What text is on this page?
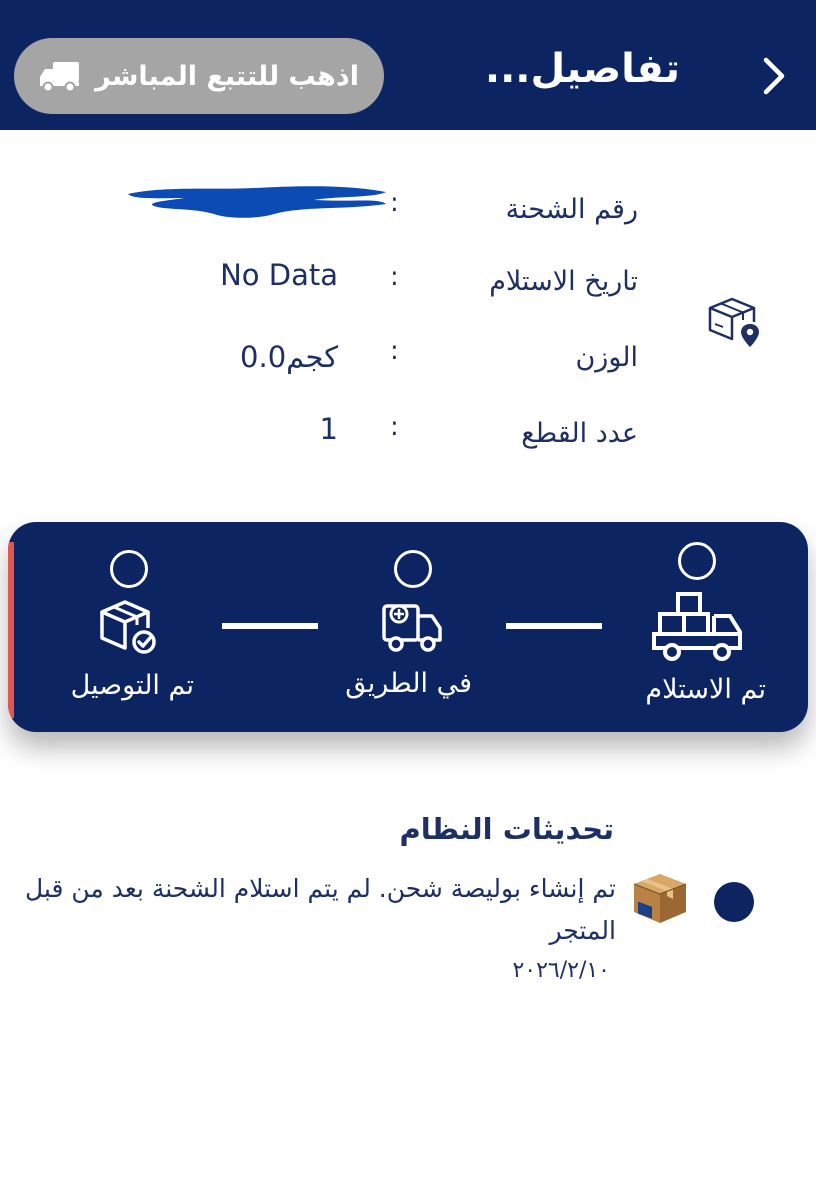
تفاصيل...
اذهب للتتبع المباشر
رقم الشحنة
:
تاريخ الاستلام
:
No Data
الوزن
:
0.0كجم
عدد القطع
:
1
تم الاستلام
في الطريق
تم التوصيل
تحديثات النظام
تم إنشاء بوليصة شحن. لم يتم استلام الشحنة بعد من قبل المتجر
٢٠٢٦/٢/١٠
